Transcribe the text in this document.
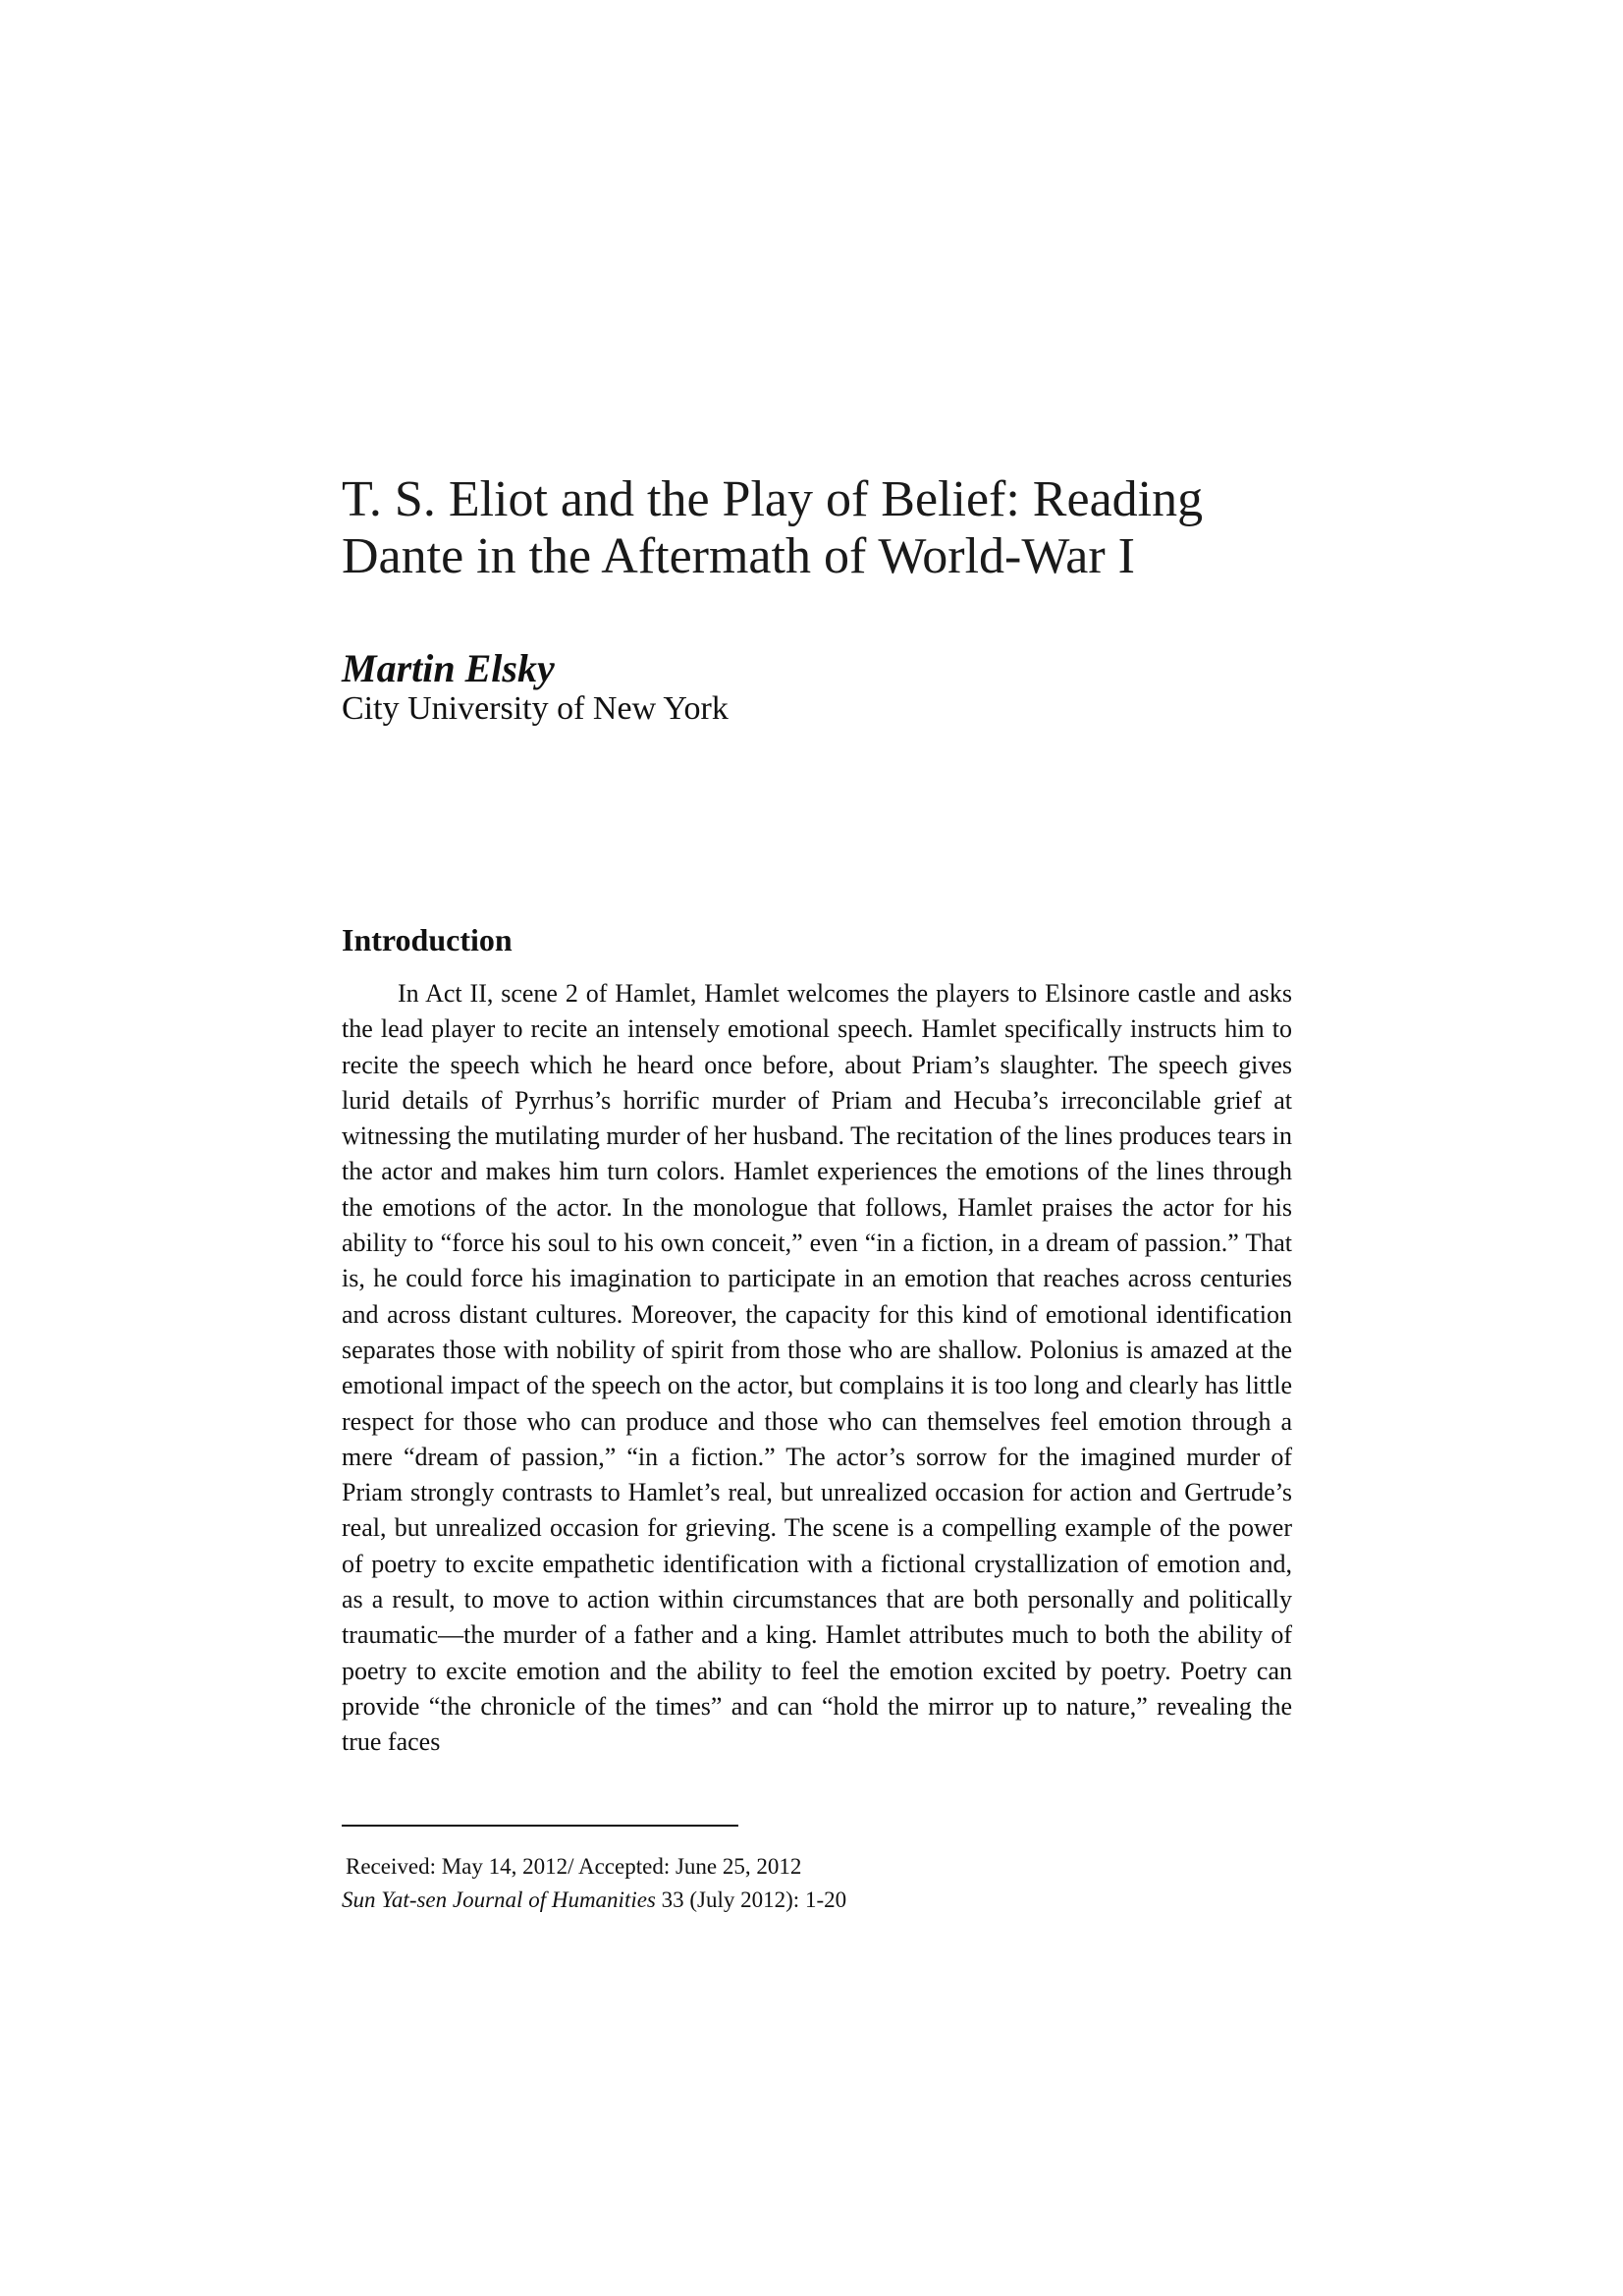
T. S. Eliot and the Play of Belief: Reading
Dante in the Aftermath of World-War I

Martin Elsky

City University of New York

Introduction

In Act II, scene 2 of Hamlet, Hamlet welcomes the players to Elsinore castle and asks the lead player to recite an intensely emotional speech. Hamlet specifically instructs him to recite the speech which he heard once before, about Priam’s slaughter. The speech gives lurid details of Pyrrhus’s horrific murder of Priam and Hecuba’s irreconcilable grief at witnessing the mutilating murder of her husband. The recitation of the lines produces tears in the actor and makes him turn colors. Hamlet experiences the emotions of the lines through the emotions of the actor. In the monologue that follows, Hamlet praises the actor for his ability to “force his soul to his own conceit,” even “in a fiction, in a dream of passion.” That is, he could force his imagination to participate in an emotion that reaches across centuries and across distant cultures. Moreover, the capacity for this kind of emotional identification separates those with nobility of spirit from those who are shallow. Polonius is amazed at the emotional impact of the speech on the actor, but complains it is too long and clearly has little respect for those who can produce and those who can themselves feel emotion through a mere “dream of passion,” “in a fiction.” The actor’s sorrow for the imagined murder of Priam strongly contrasts to Hamlet’s real, but unrealized occasion for action and Gertrude’s real, but unrealized occasion for grieving. The scene is a compelling example of the power of poetry to excite empathetic identification with a fictional crystallization of emotion and, as a result, to move to action within circumstances that are both personally and politically traumatic—the murder of a father and a king. Hamlet attributes much to both the ability of poetry to excite emotion and the ability to feel the emotion excited by poetry. Poetry can provide “the chronicle of the times” and can “hold the mirror up to nature,” revealing the true faces

Received: May 14, 2012/ Accepted: June 25, 2012

Sun Yat-sen Journal of Humanities 33 (July 2012): 1-20
